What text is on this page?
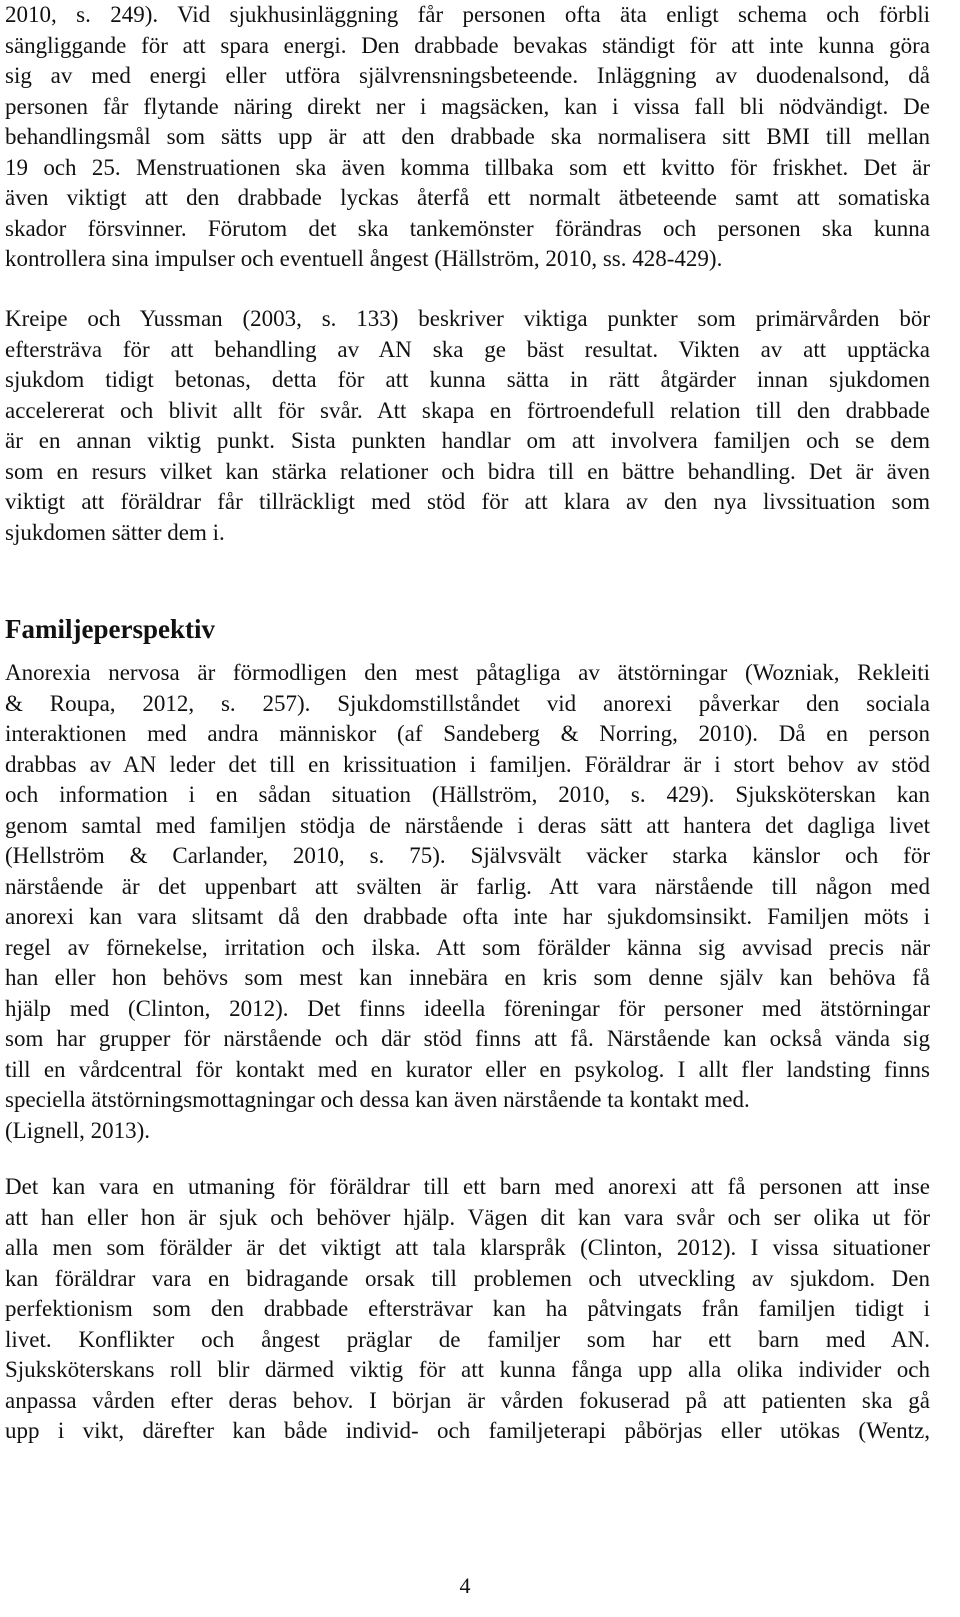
2010, s. 249). Vid sjukhusinläggning får personen ofta äta enligt schema och förbli
sängliggande för att spara energi. Den drabbade bevakas ständigt för att inte kunna göra
sig av med energi eller utföra självrensningsbeteende. Inläggning av duodenalsond, då
personen får flytande näring direkt ner i magsäcken, kan i vissa fall bli nödvändigt. De
behandlingsmål som sätts upp är att den drabbade ska normalisera sitt BMI till mellan
19 och 25. Menstruationen ska även komma tillbaka som ett kvitto för friskhet. Det är
även viktigt att den drabbade lyckas återfå ett normalt ätbeteende samt att somatiska
skador försvinner. Förutom det ska tankemönster förändras och personen ska kunna
kontrollera sina impulser och eventuell ångest (Hällström, 2010, ss. 428-429).

Kreipe och Yussman (2003, s. 133) beskriver viktiga punkter som primärvården bör
eftersträva för att behandling av AN ska ge bäst resultat. Vikten av att upptäcka
sjukdom tidigt betonas, detta för att kunna sätta in rätt åtgärder innan sjukdomen
accelererat och blivit allt för svår. Att skapa en förtroendefull relation till den drabbade
är en annan viktig punkt. Sista punkten handlar om att involvera familjen och se dem
som en resurs vilket kan stärka relationer och bidra till en bättre behandling. Det är även
viktigt att föräldrar får tillräckligt med stöd för att klara av den nya livssituation som
sjukdomen sätter dem i.

Familjeperspektiv

Anorexia nervosa är förmodligen den mest påtagliga av ätstörningar (Wozniak, Rekleiti
& Roupa, 2012, s. 257). Sjukdomstillståndet vid anorexi påverkar den sociala
interaktionen med andra människor (af Sandeberg & Norring, 2010). Då en person
drabbas av AN leder det till en krissituation i familjen. Föräldrar är i stort behov av stöd
och information i en sådan situation (Hällström, 2010, s. 429). Sjuksköterskan kan
genom samtal med familjen stödja de närstående i deras sätt att hantera det dagliga livet
(Hellström & Carlander, 2010, s. 75). Självsvält väcker starka känslor och för
närstående är det uppenbart att svälten är farlig. Att vara närstående till någon med
anorexi kan vara slitsamt då den drabbade ofta inte har sjukdomsinsikt. Familjen möts i
regel av förnekelse, irritation och ilska. Att som förälder känna sig avvisad precis när
han eller hon behövs som mest kan innebära en kris som denne själv kan behöva få
hjälp med (Clinton, 2012). Det finns ideella föreningar för personer med ätstörningar
som har grupper för närstående och där stöd finns att få. Närstående kan också vända sig
till en vårdcentral för kontakt med en kurator eller en psykolog. I allt fler landsting finns
speciella ätstörningsmottagningar och dessa kan även närstående ta kontakt med.
(Lignell, 2013).

Det kan vara en utmaning för föräldrar till ett barn med anorexi att få personen att inse
att han eller hon är sjuk och behöver hjälp. Vägen dit kan vara svår och ser olika ut för
alla men som förälder är det viktigt att tala klarspråk (Clinton, 2012). I vissa situationer
kan föräldrar vara en bidragande orsak till problemen och utveckling av sjukdom. Den
perfektionism som den drabbade eftersträvar kan ha påtvingats från familjen tidigt i
livet. Konflikter och ångest präglar de familjer som har ett barn med AN.
Sjuksköterskans roll blir därmed viktig för att kunna fånga upp alla olika individer och
anpassa vården efter deras behov. I början är vården fokuserad på att patienten ska gå
upp i vikt, därefter kan både individ- och familjeterapi påbörjas eller utökas (Wentz,

4
